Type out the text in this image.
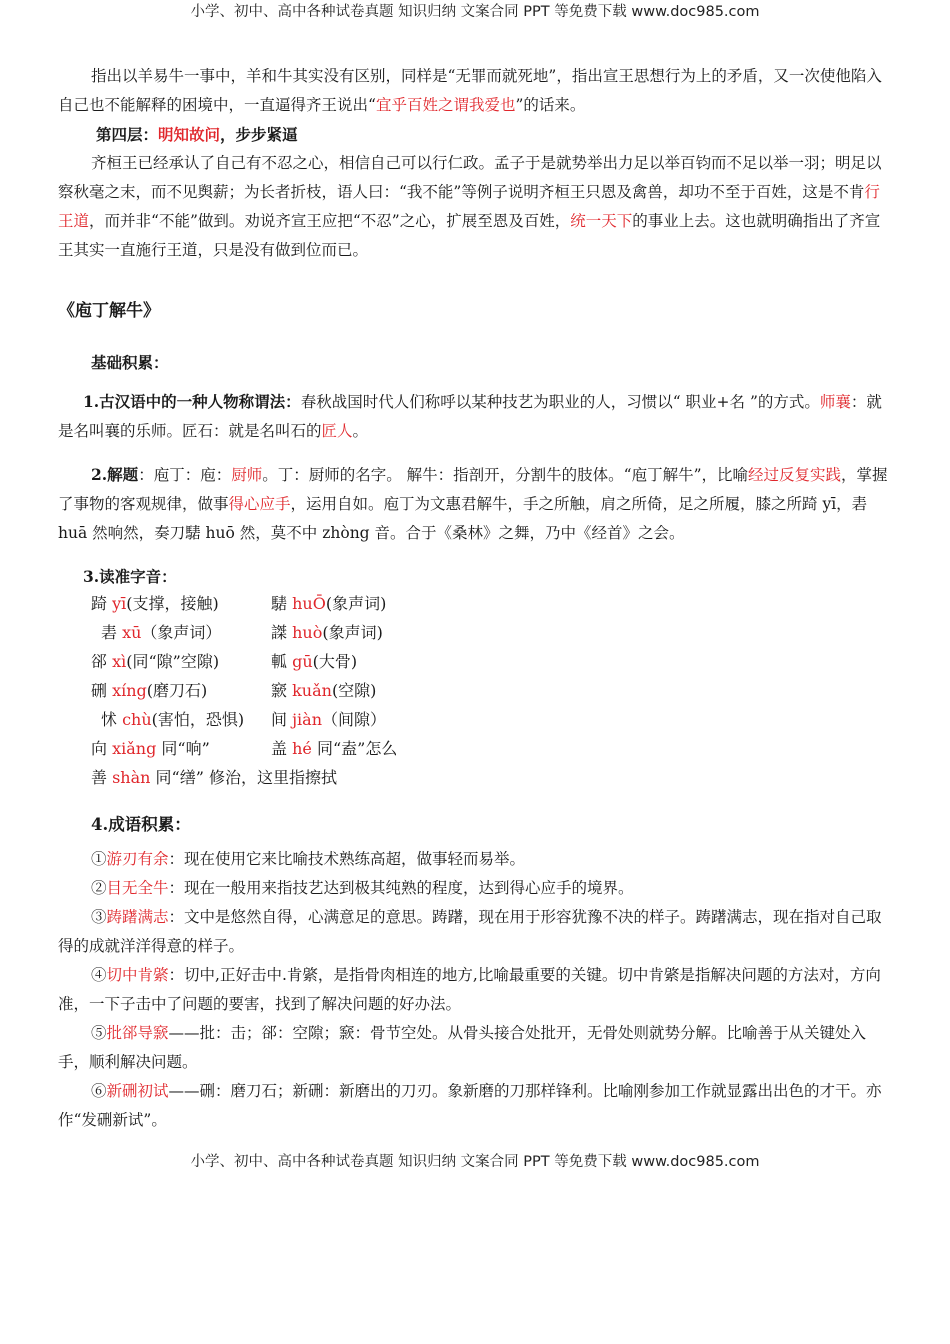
小学、初中、高中各种试卷真题 知识归纳 文案合同 PPT 等免费下载 www.doc985.com

指出以羊易牛一事中，羊和牛其实没有区别，同样是“无罪而就死地”，指出宣王思想行为上的矛盾，又一次使他陷入自己也不能解释的困境中，一直逼得齐王说出“宜乎百姓之谓我爱也”的话来。

第四层：明知故问，步步紧逼

齐桓王已经承认了自己有不忍之心，相信自己可以行仁政。孟子于是就势举出力足以举百钧而不足以举一羽；明足以察秋毫之末，而不见舆薪；为长者折枝，语人曰：“我不能”等例子说明齐桓王只恩及禽兽，却功不至于百姓，这是不肯行王道，而并非“不能”做到。劝说齐宣王应把“不忍”之心，扩展至恩及百姓，统一天下的事业上去。这也就明确指出了齐宣王其实一直施行王道，只是没有做到位而已。

《庖丁解牛》

基础积累：

1.古汉语中的一种人物称谓法：春秋战国时代人们称呼以某种技艺为职业的人，习惯以“ 职业+名 ”的方式。师襄：就是名叫襄的乐师。匠石：就是名叫石的匠人。

2.解题：庖丁：庖：厨师。丁：厨师的名字。 解牛：指剖开，分割牛的肢体。“庖丁解牛”，比喻经过反复实践，掌握了事物的客观规律，做事得心应手，运用自如。庖丁为文惠君解牛，手之所触，肩之所倚，足之所履，膝之所踦 yī，砉 huā 然响然，奏刀騞 huō 然，莫不中 zhòng 音。合于《桑林》之舞，乃中《经首》之会。

3.读准字音：

踦 yī(支撑，接触)	騞 huŌ(象声词)
砉 xū（象声词）	謋 huò(象声词)
郤 xì(同“隙”空隙)	軱 gū(大骨)
硎 xíng(磨刀石)	窾 kuǎn(空隙)
怵 chù(害怕，恐惧) 间 jiàn（间隙）
向 xiǎng 同“响”	盖 hé 同“盍”怎么
善 shàn 同“缮” 修治，这里指擦拭

4.成语积累：

①游刃有余：现在使用它来比喻技术熟练高超，做事轻而易举。

②目无全牛：现在一般用来指技艺达到极其纯熟的程度，达到得心应手的境界。

③踌躇满志：文中是悠然自得，心满意足的意思。踌躇，现在用于形容犹豫不决的样子。踌躇满志，现在指对自己取得的成就洋洋得意的样子。

④切中肯綮：切中,正好击中.肯綮，是指骨肉相连的地方,比喻最重要的关键。切中肯綮是指解决问题的方法对，方向准，一下子击中了问题的要害，找到了解决问题的好办法。

⑤批郤导窾——批：击；郤：空隙；窾：骨节空处。从骨头接合处批开，无骨处则就势分解。比喻善于从关键处入手，顺利解决问题。

⑥新硎初试——硎：磨刀石；新硎：新磨出的刀刃。象新磨的刀那样锋利。比喻刚参加工作就显露出出色的才干。亦作“发硎新试”。

小学、初中、高中各种试卷真题 知识归纳 文案合同 PPT 等免费下载 www.doc985.com
